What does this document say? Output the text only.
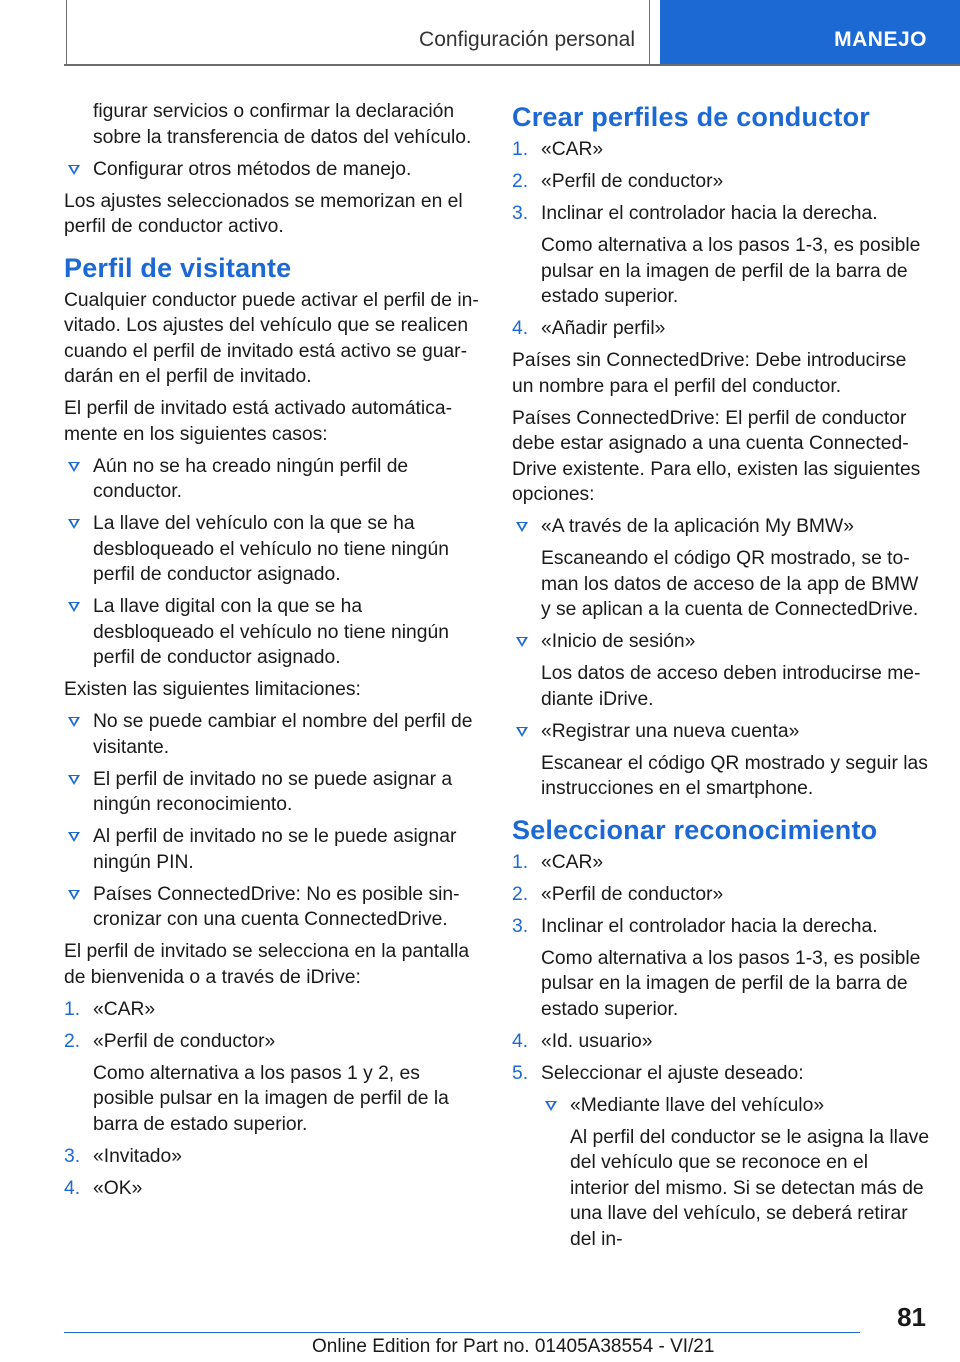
Configuración personal	MANEJO

figurar servicios o confirmar la declaración sobre la transferencia de datos del vehículo.

Configurar otros métodos de manejo.

Los ajustes seleccionados se memorizan en el perfil de conductor activo.

Perfil de visitante

Cualquier conductor puede activar el perfil de invitado. Los ajustes del vehículo que se realicen cuando el perfil de invitado está activo se guardarán en el perfil de invitado.

El perfil de invitado está activado automáticamente en los siguientes casos:

Aún no se ha creado ningún perfil de conductor.
La llave del vehículo con la que se ha desbloqueado el vehículo no tiene ningún perfil de conductor asignado.
La llave digital con la que se ha desbloqueado el vehículo no tiene ningún perfil de conductor asignado.

Existen las siguientes limitaciones:

No se puede cambiar el nombre del perfil de visitante.
El perfil de invitado no se puede asignar a ningún reconocimiento.
Al perfil de invitado no se le puede asignar ningún PIN.
Países ConnectedDrive: No es posible sincronizar con una cuenta ConnectedDrive.

El perfil de invitado se selecciona en la pantalla de bienvenida o a través de iDrive:

1. «CAR»
2. «Perfil de conductor»

Como alternativa a los pasos 1 y 2, es posible pulsar en la imagen de perfil de la barra de estado superior.

3. «Invitado»
4. «OK»
Crear perfiles de conductor
1. «CAR»
2. «Perfil de conductor»
3. Inclinar el controlador hacia la derecha.

Como alternativa a los pasos 1‑3, es posible pulsar en la imagen de perfil de la barra de estado superior.

4. «Añadir perfil»

Países sin ConnectedDrive: Debe introducirse un nombre para el perfil del conductor.

Países ConnectedDrive: El perfil de conductor debe estar asignado a una cuenta ConnectedDrive existente. Para ello, existen las siguientes opciones:

«A través de la aplicación My BMW»

Escaneando el código QR mostrado, se toman los datos de acceso de la app de BMW y se aplican a la cuenta de ConnectedDrive.

«Inicio de sesión»

Los datos de acceso deben introducirse mediante iDrive.

«Registrar una nueva cuenta»

Escanear el código QR mostrado y seguir las instrucciones en el smartphone.

Seleccionar reconocimiento
1. «CAR»
2. «Perfil de conductor»
3. Inclinar el controlador hacia la derecha.

Como alternativa a los pasos 1‑3, es posible pulsar en la imagen de perfil de la barra de estado superior.

4. «Id. usuario»
5. Seleccionar el ajuste deseado:
«Mediante llave del vehículo»

Al perfil del conductor se le asigna la llave del vehículo que se reconoce en el interior del mismo. Si se detectan más de una llave del vehículo, se deberá retirar del in‑

81
Online Edition for Part no. 01405A38554 - VI/21
